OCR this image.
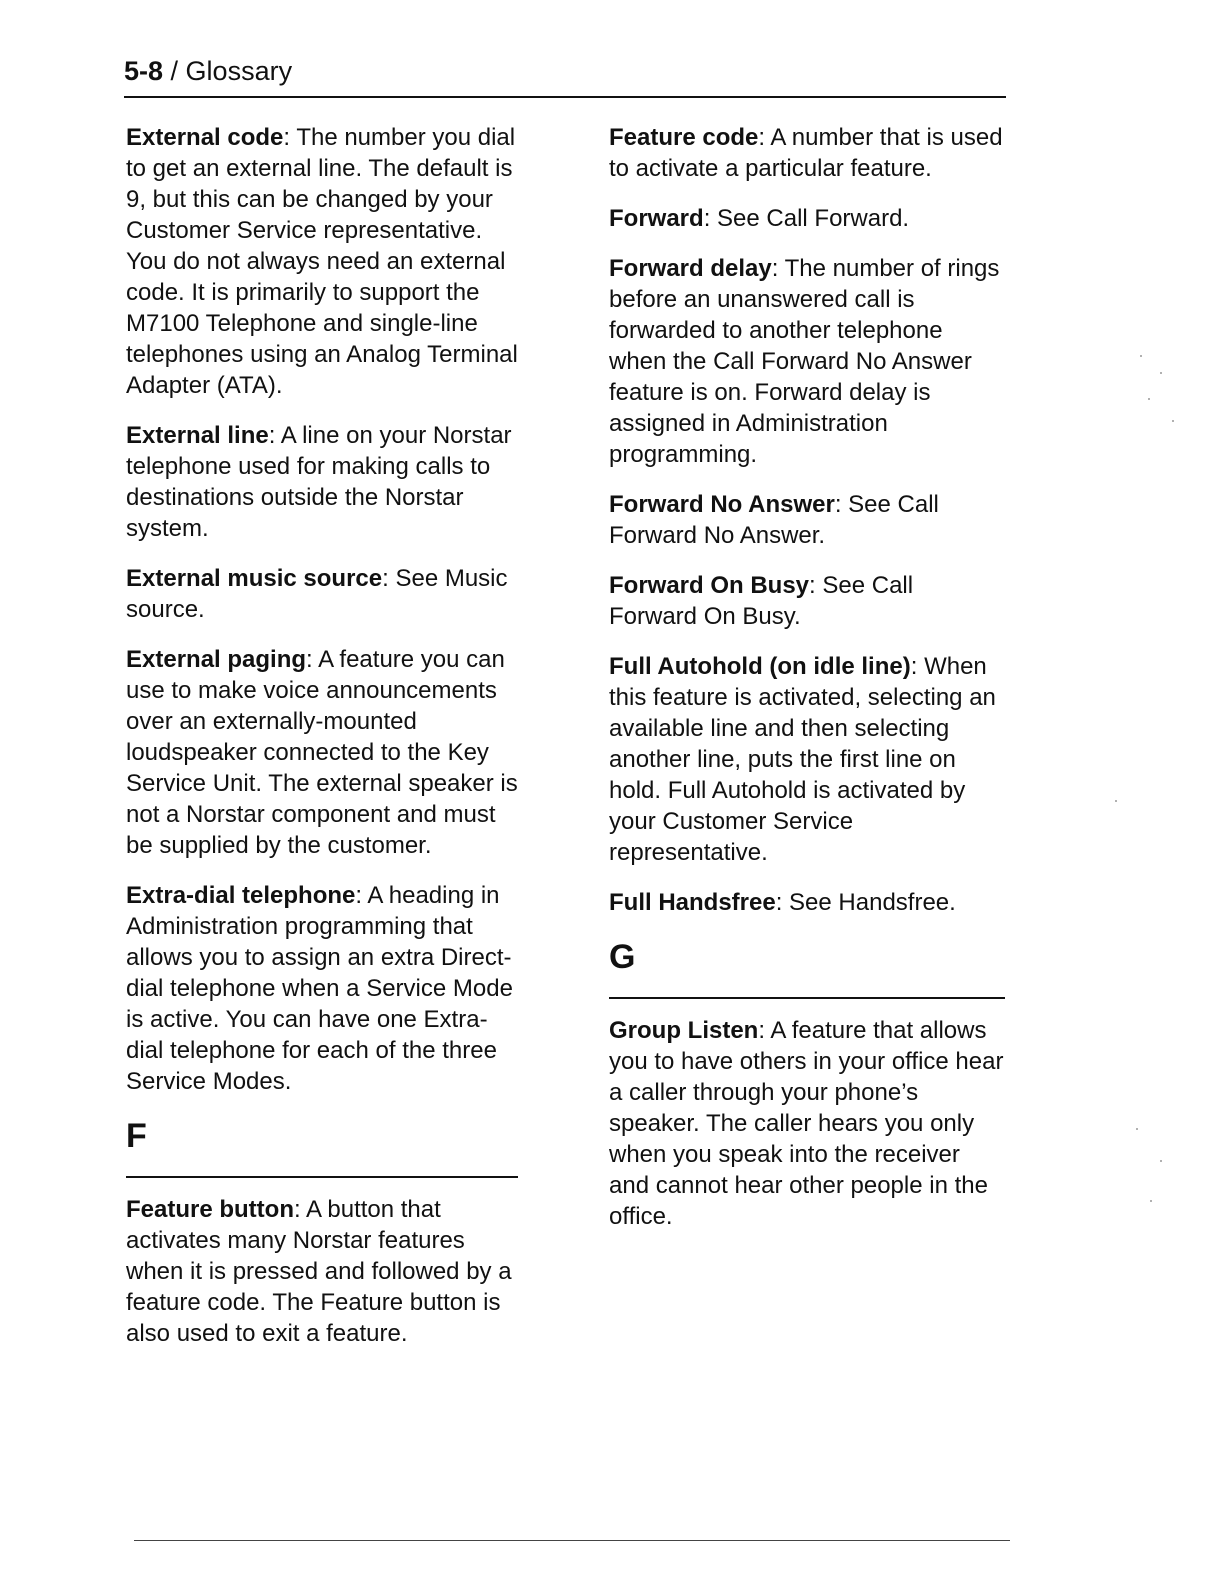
5-8 / Glossary

External code: The number you dial to get an external line. The default is 9, but this can be changed by your Customer Service representative. You do not always need an external code. It is primarily to support the M7100 Telephone and single-line telephones using an Analog Terminal Adapter (ATA).

External line: A line on your Norstar telephone used for making calls to destinations outside the Norstar system.

External music source: See Music source.

External paging: A feature you can use to make voice announcements over an externally-mounted loudspeaker connected to the Key Service Unit. The external speaker is not a Norstar component and must be supplied by the customer.

Extra-dial telephone: A heading in Administration programming that allows you to assign an extra Direct-dial telephone when a Service Mode is active. You can have one Extra-dial telephone for each of the three Service Modes.

F

Feature button: A button that activates many Norstar features when it is pressed and followed by a feature code. The Feature button is also used to exit a feature.

Feature code: A number that is used to activate a particular feature.

Forward: See Call Forward.

Forward delay: The number of rings before an unanswered call is forwarded to another telephone when the Call Forward No Answer feature is on. Forward delay is assigned in Administration programming.

Forward No Answer: See Call Forward No Answer.

Forward On Busy: See Call Forward On Busy.

Full Autohold (on idle line): When this feature is activated, selecting an available line and then selecting another line, puts the first line on hold. Full Autohold is activated by your Customer Service representative.

Full Handsfree: See Handsfree.

G

Group Listen: A feature that allows you to have others in your office hear a caller through your phone’s speaker. The caller hears you only when you speak into the receiver and cannot hear other people in the office.
